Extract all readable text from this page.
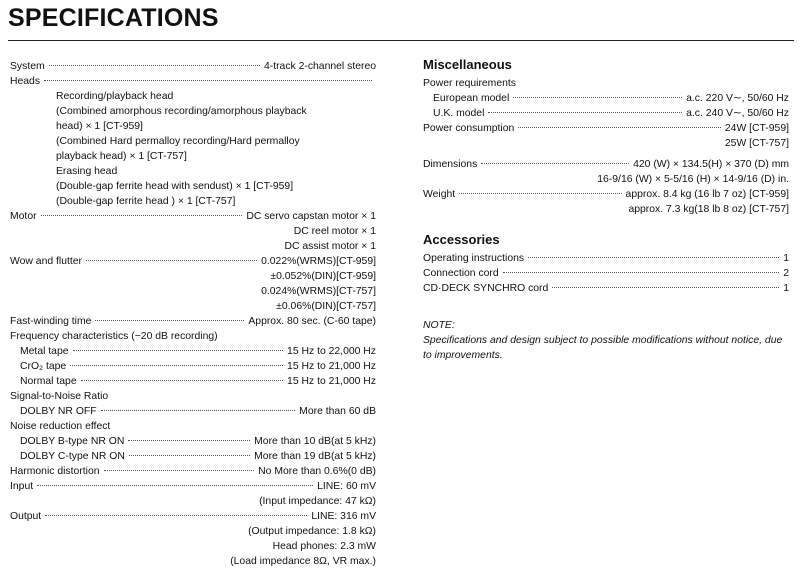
SPECIFICATIONS
System	4-track 2-channel stereo
Heads
Recording/playback head
(Combined amorphous recording/amorphous playback
head) × 1 [CT-959]
(Combined Hard permalloy recording/Hard permalloy
playback head) × 1 [CT-757]
Erasing head
(Double-gap ferrite head with sendust) × 1 [CT-959]
(Double-gap ferrite head ) × 1 [CT-757]
Motor	DC servo capstan motor × 1
DC reel motor × 1
DC assist motor × 1
Wow and flutter	0.022%(WRMS)[CT-959]
±0.052%(DIN)[CT-959]
0.024%(WRMS)[CT-757]
±0.06%(DIN)[CT-757]
Fast-winding time	Approx. 80 sec. (C-60 tape)
Frequency characteristics (−20 dB recording)
Metal tape	15 Hz to 22,000 Hz
CrO₂ tape	15 Hz to 21,000 Hz
Normal tape	15 Hz to 21,000 Hz
Signal-to-Noise Ratio
DOLBY NR OFF	More than 60 dB
Noise reduction effect
DOLBY B-type NR ON	More than 10 dB(at 5 kHz)
DOLBY C-type NR ON	More than 19 dB(at 5 kHz)
Harmonic distortion	No More than 0.6%(0 dB)
Input	LINE: 60 mV
(Input impedance: 47 kΩ)
Output	LINE: 316 mV
(Output impedance: 1.8 kΩ)
Head phones: 2.3 mW
(Load impedance 8Ω, VR max.)
Miscellaneous
Power requirements
European model	a.c. 220 V∼, 50/60 Hz
U.K. model	a.c. 240 V∼, 50/60 Hz
Power consumption	24W [CT-959]
25W [CT-757]
Dimensions	420 (W) × 134.5(H) × 370 (D) mm
16-9/16 (W) × 5-5/16 (H) × 14-9/16 (D) in.
Weight	approx. 8.4 kg (16 lb 7 oz) [CT-959]
approx. 7.3 kg(18 lb 8 oz) [CT-757]
Accessories
Operating instructions	1
Connection cord	2
CD·DECK SYNCHRO cord	1
NOTE:
Specifications and design subject to possible modifications without notice, due to improvements.
